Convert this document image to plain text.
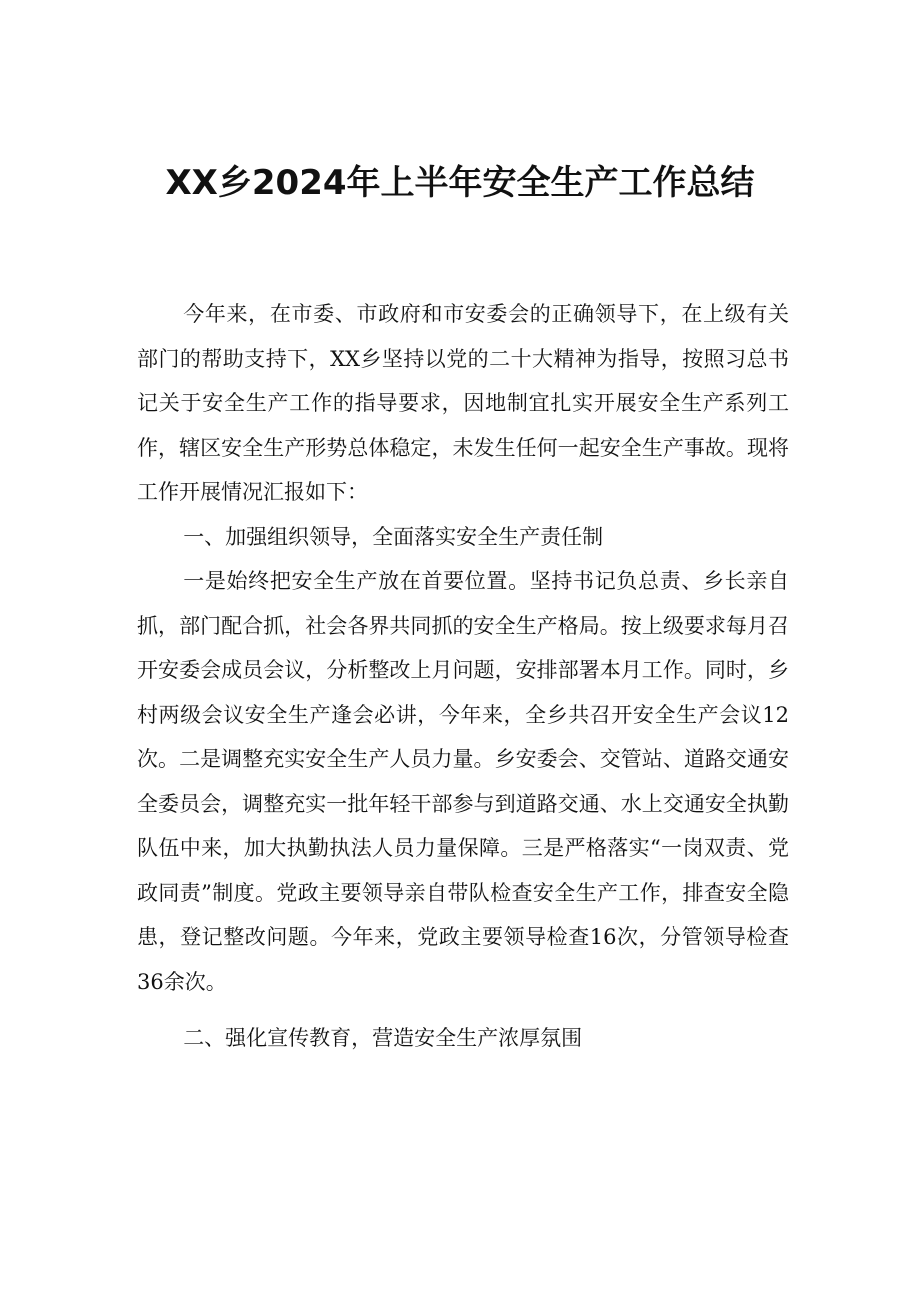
XX乡2024年上半年安全生产工作总结

今年来，在市委、市政府和市安委会的正确领导下，在上级有关部门的帮助支持下，XX乡坚持以党的二十大精神为指导，按照习总书记关于安全生产工作的指导要求，因地制宜扎实开展安全生产系列工作，辖区安全生产形势总体稳定，未发生任何一起安全生产事故。现将工作开展情况汇报如下：

一、加强组织领导，全面落实安全生产责任制

一是始终把安全生产放在首要位置。坚持书记负总责、乡长亲自抓，部门配合抓，社会各界共同抓的安全生产格局。按上级要求每月召开安委会成员会议，分析整改上月问题，安排部署本月工作。同时，乡村两级会议安全生产逢会必讲，今年来，全乡共召开安全生产会议12次。二是调整充实安全生产人员力量。乡安委会、交管站、道路交通安全委员会，调整充实一批年轻干部参与到道路交通、水上交通安全执勤队伍中来，加大执勤执法人员力量保障。三是严格落实“一岗双责、党政同责”制度。党政主要领导亲自带队检查安全生产工作，排查安全隐患，登记整改问题。今年来，党政主要领导检查16次，分管领导检查36余次。

二、强化宣传教育，营造安全生产浓厚氛围
